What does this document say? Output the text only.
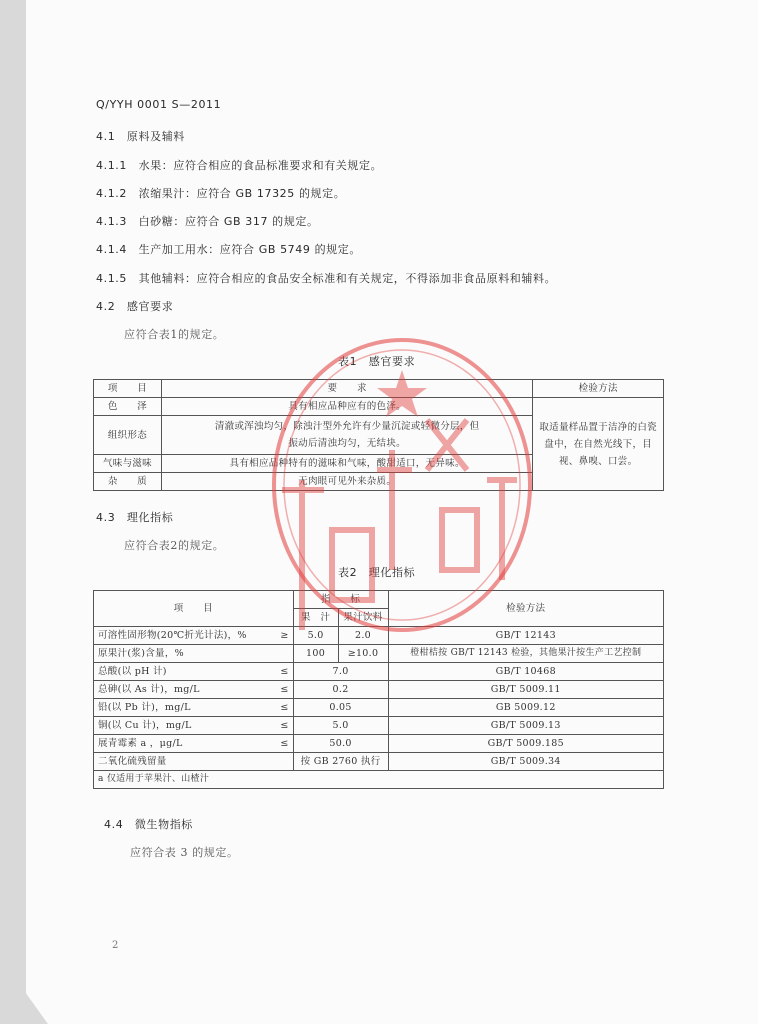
Q/YYH 0001 S—2011
4.1　 原料及辅料
4.1.1　 水果：应符合相应的食品标准要求和有关规定。
4.1.2　 浓缩果汁：应符合 GB 17325 的规定。
4.1.3　 白砂糖：应符合 GB 317 的规定。
4.1.4　 生产加工用水：应符合 GB 5749 的规定。
4.1.5　 其他辅料：应符合相应的食品安全标准和有关规定，不得添加非食品原料和辅料。
4.2　 感官要求
应符合表1的规定。
表1　感官要求
项　　目	要　　求	检验方法
色　　泽	具有相应品种应有的色泽。	取适量样品置于洁净的白瓷盘中，在自然光线下，目视、鼻嗅、口尝。
组织形态	清澈或浑浊均匀，除浊汁型外允许有少量沉淀或轻微分层，但振动后清浊均匀，无结块。	
气味与滋味	具有相应品种特有的滋味和气味，酸甜适口，无异味。	
杂　　质	无肉眼可见外来杂质。	
4.3　 理化指标
应符合表2的规定。
表2　理化指标
项　　目		指　　标		检验方法
		果　汁	果汁饮料	
可溶性固形物(20℃折光计法)，%	≥	5.0	2.0	GB/T 12143
原果汁(浆)含量，%		100	≥10.0	橙柑桔按 GB/T 12143 检验，其他果汁按生产工艺控制
总酸(以 pH 计)	≤	7.0		GB/T 10468
总砷(以 As 计)，mg/L	≤	0.2		GB/T 5009.11
铅(以 Pb 计)，mg/L	≤	0.05		GB 5009.12
铜(以 Cu 计)，mg/L	≤	5.0		GB/T 5009.13
展青霉素 a ，μg/L	≤	50.0		GB/T 5009.185
二氧化硫残留量		按 GB 2760 执行		GB/T 5009.34
a 仅适用于苹果汁、山楂汁				
4.4　 微生物指标
应符合表 3 的规定。
2
